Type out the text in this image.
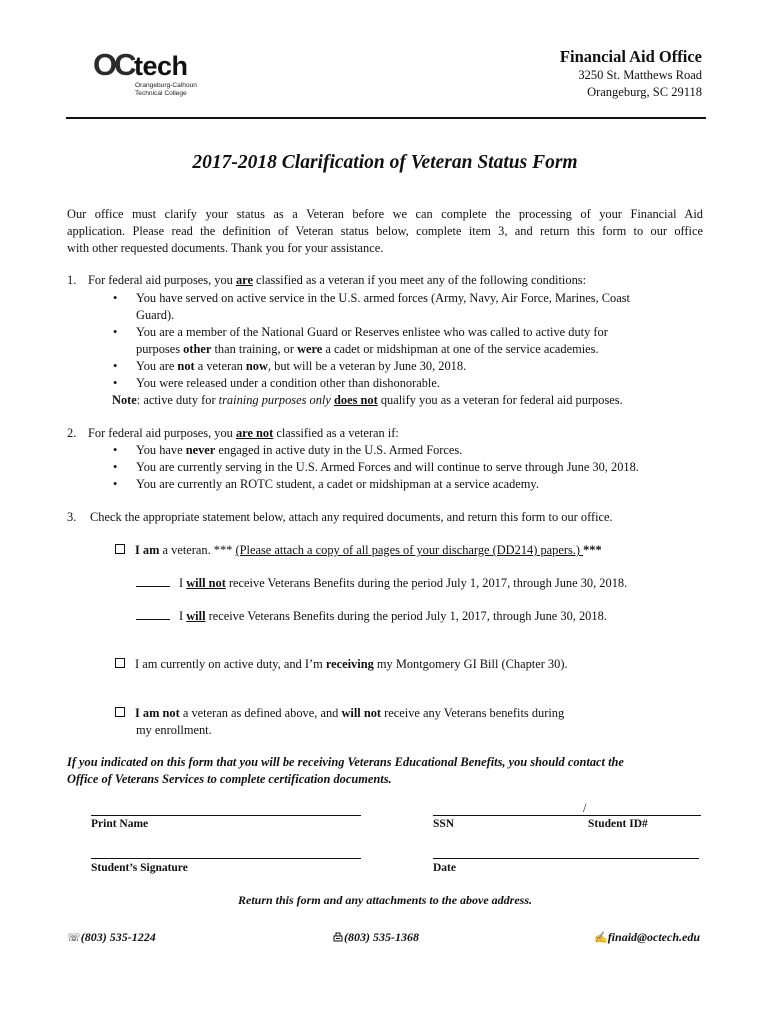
OC tech
Orangeburg-Calhoun
Technical College
Financial Aid Office
3250 St. Matthews Road
Orangeburg, SC 29118
2017-2018 Clarification of Veteran Status Form
Our office must clarify your status as a Veteran before we can complete the processing of your Financial Aid
application. Please read the definition of Veteran status below, complete item 3, and return this form to our office
with other requested documents. Thank you for your assistance.
1. For federal aid purposes, you are classified as a veteran if you meet any of the following conditions:
• You have served on active service in the U.S. armed forces (Army, Navy, Air Force, Marines, Coast
Guard).
• You are a member of the National Guard or Reserves enlistee who was called to active duty for
purposes other than training, or were a cadet or midshipman at one of the service academies.
• You are not a veteran now, but will be a veteran by June 30, 2018.
• You were released under a condition other than dishonorable.
Note: active duty for training purposes only does not qualify you as a veteran for federal aid purposes.
2. For federal aid purposes, you are not classified as a veteran if:
• You have never engaged in active duty in the U.S. Armed Forces.
• You are currently serving in the U.S. Armed Forces and will continue to serve through June 30, 2018.
• You are currently an ROTC student, a cadet or midshipman at a service academy.
3. Check the appropriate statement below, attach any required documents, and return this form to our office.
I am a veteran. *** (Please attach a copy of all pages of your discharge (DD214) papers.) ***
I will not receive Veterans Benefits during the period July 1, 2017, through June 30, 2018.
I will receive Veterans Benefits during the period July 1, 2017, through June 30, 2018.
I am currently on active duty, and I’m receiving my Montgomery GI Bill (Chapter 30).
I am not a veteran as defined above, and will not receive any Veterans benefits during
my enrollment.
If you indicated on this form that you will be receiving Veterans Educational Benefits, you should contact the
Office of Veterans Services to complete certification documents.
Print Name
/
SSN	Student ID#
Student’s Signature	Date
Return this form and any attachments to the above address.
☏(803) 535-1224	(803) 535-1368	✍finaid@octech.edu
